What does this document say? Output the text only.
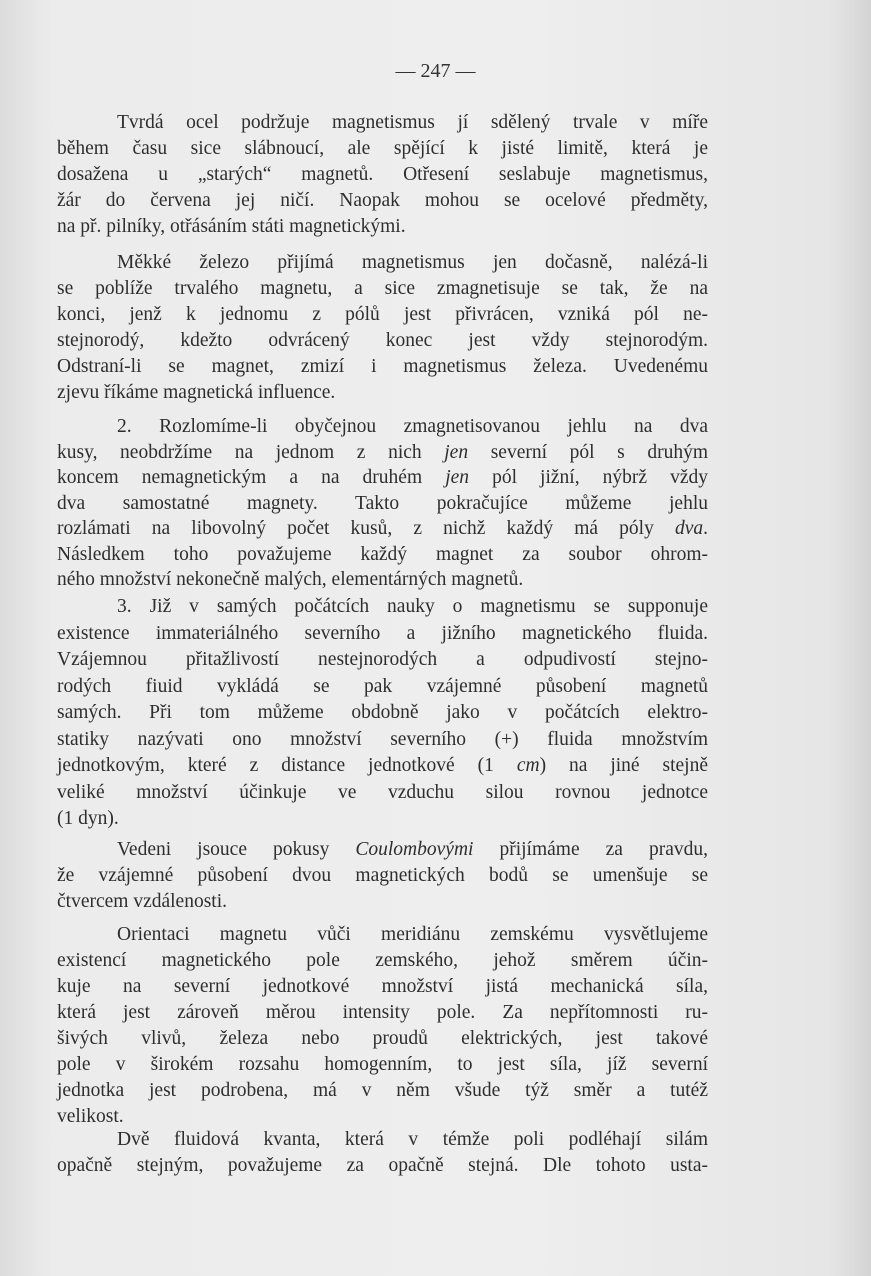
— 247 —
Tvrdá ocel podržuje magnetismus jí sdělený trvale v míře
během času sice slábnoucí, ale spějící k jisté limitě, která je
dosažena u „starých“ magnetů. Otřesení seslabuje magnetismus,
žár do červena jej ničí. Naopak mohou se ocelové předměty,
na př. pilníky, otřásáním státi magnetickými.
Měkké železo přijímá magnetismus jen dočasně, nalézá-li
se poblíže trvalého magnetu, a sice zmagnetisuje se tak, že na
konci, jenž k jednomu z pólů jest přivrácen, vzniká pól ne-
stejnorodý, kdežto odvrácený konec jest vždy stejnorodým.
Odstraní-li se magnet, zmizí i magnetismus železa. Uvedenému
zjevu říkáme magnetická influence.
2. Rozlomíme-li obyčejnou zmagnetisovanou jehlu na dva
kusy, neobdržíme na jednom z nich jen severní pól s druhým
koncem nemagnetickým a na druhém jen pól jižní, nýbrž vždy
dva samostatné magnety. Takto pokračujíce můžeme jehlu
rozlámati na libovolný počet kusů, z nichž každý má póly dva.
Následkem toho považujeme každý magnet za soubor ohrom-
ného množství nekonečně malých, elementárných magnetů.
3. Již v samých počátcích nauky o magnetismu se supponuje
existence immateriálného severního a jižního magnetického fluida.
Vzájemnou přitažlivostí nestejnorodých a odpudivostí stejno-
rodých fiuid vykládá se pak vzájemné působení magnetů
samých. Při tom můžeme obdobně jako v počátcích elektro-
statiky nazývati ono množství severního (+) fluida množstvím
jednotkovým, které z distance jednotkové (1 cm) na jiné stejně
veliké množství účinkuje ve vzduchu silou rovnou jednotce
(1 dyn).
Vedeni jsouce pokusy Coulombovými přijímáme za pravdu,
že vzájemné působení dvou magnetických bodů se umenšuje se
čtvercem vzdálenosti.
Orientaci magnetu vůči meridiánu zemskému vysvětlujeme
existencí magnetického pole zemského, jehož směrem účin-
kuje na severní jednotkové množství jistá mechanická síla,
která jest zároveň měrou intensity pole. Za nepřítomnosti ru-
šivých vlivů, železa nebo proudů elektrických, jest takové
pole v širokém rozsahu homogenním, to jest síla, jíž severní
jednotka jest podrobena, má v něm všude týž směr a tutéž
velikost.
Dvě fluidová kvanta, která v témže poli podléhají silám
opačně stejným, považujeme za opačně stejná. Dle tohoto usta-
